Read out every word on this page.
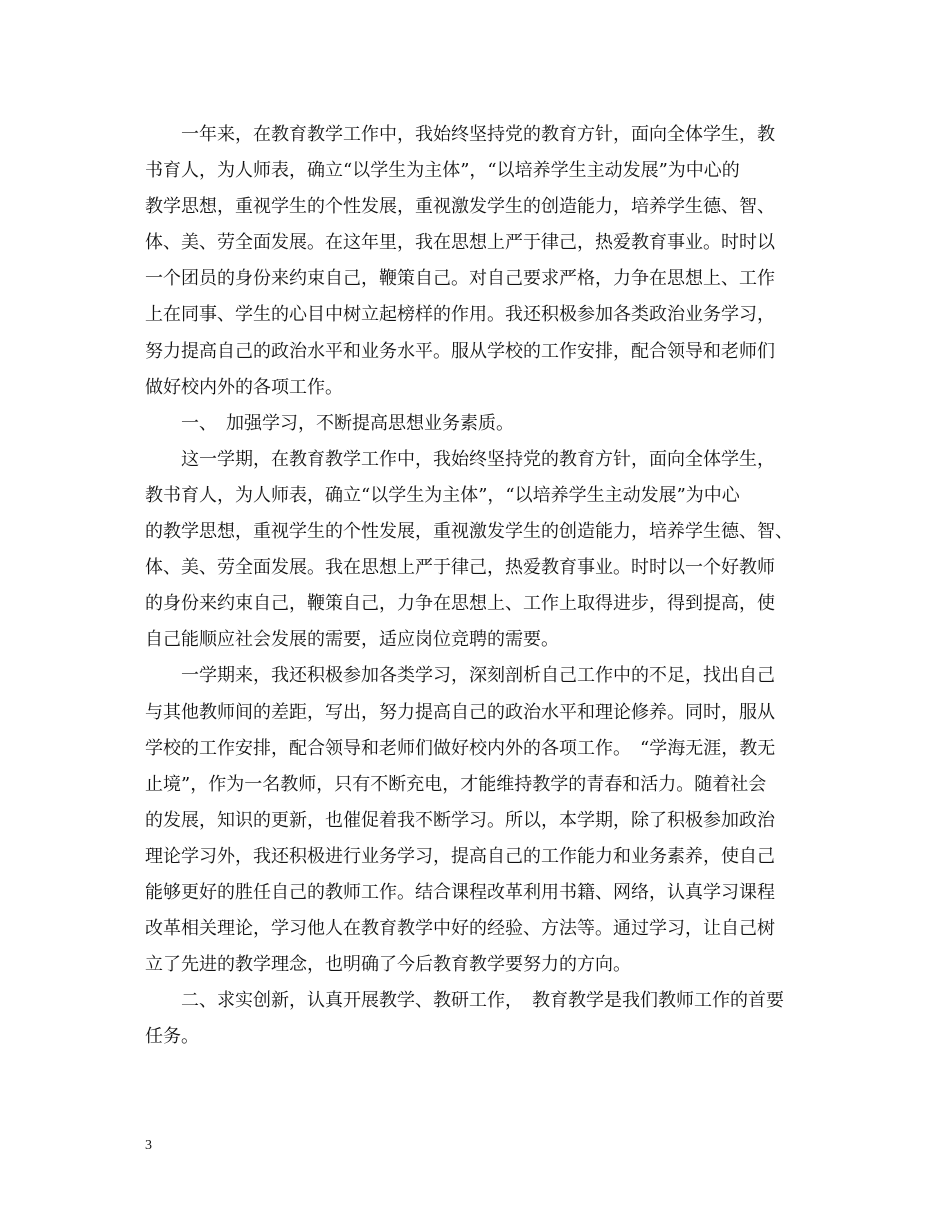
　　一年来，在教育教学工作中，我始终坚持党的教育方针，面向全体学生，教
书育人，为人师表，确立“以学生为主体”，“以培养学生主动发展”为中心的
教学思想，重视学生的个性发展，重视激发学生的创造能力，培养学生德、智、
体、美、劳全面发展。在这年里，我在思想上严于律己，热爱教育事业。时时以
一个团员的身份来约束自己，鞭策自己。对自己要求严格，力争在思想上、工作
上在同事、学生的心目中树立起榜样的作用。我还积极参加各类政治业务学习，
努力提高自己的政治水平和业务水平。服从学校的工作安排，配合领导和老师们
做好校内外的各项工作。
　　一、　加强学习，不断提高思想业务素质。
　　这一学期，在教育教学工作中，我始终坚持党的教育方针，面向全体学生，
教书育人，为人师表，确立“以学生为主体”，“以培养学生主动发展”为中心
的教学思想，重视学生的个性发展，重视激发学生的创造能力，培养学生德、智、
体、美、劳全面发展。我在思想上严于律己，热爱教育事业。时时以一个好教师
的身份来约束自己，鞭策自己，力争在思想上、工作上取得进步，得到提高，使
自己能顺应社会发展的需要，适应岗位竞聘的需要。
　　一学期来，我还积极参加各类学习，深刻剖析自己工作中的不足，找出自己
与其他教师间的差距，写出，努力提高自己的政治水平和理论修养。同时，服从
学校的工作安排，配合领导和老师们做好校内外的各项工作。　“学海无涯，教无
止境”，作为一名教师，只有不断充电，才能维持教学的青春和活力。随着社会
的发展，知识的更新，也催促着我不断学习。所以，本学期，除了积极参加政治
理论学习外，我还积极进行业务学习，提高自己的工作能力和业务素养，使自己
能够更好的胜任自己的教师工作。结合课程改革利用书籍、网络，认真学习课程
改革相关理论，学习他人在教育教学中好的经验、方法等。通过学习，让自己树
立了先进的教学理念，也明确了今后教育教学要努力的方向。
　　二、求实创新，认真开展教学、教研工作，　教育教学是我们教师工作的首要
任务。
3
